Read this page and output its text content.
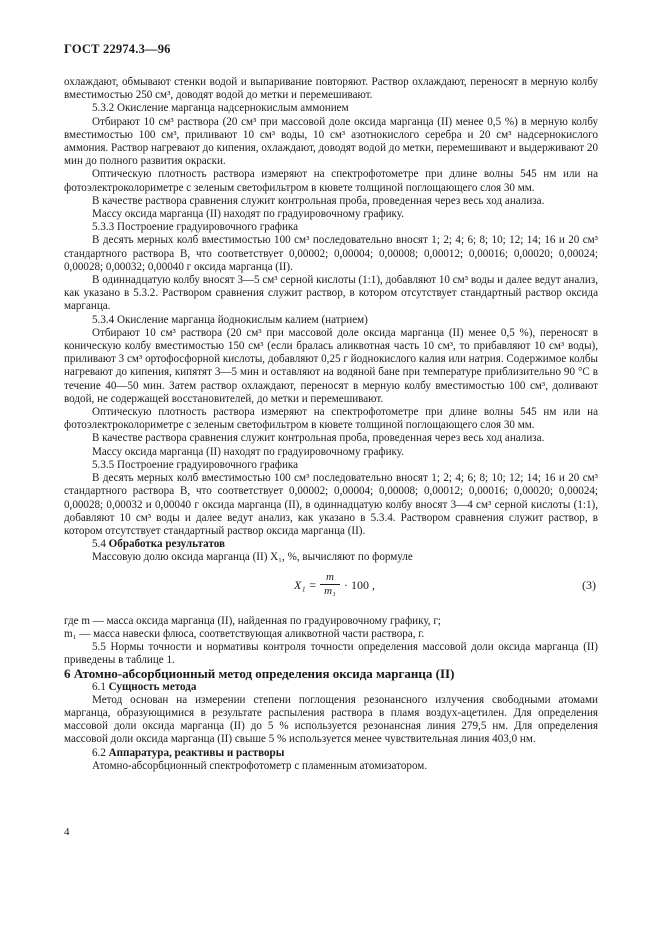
ГОСТ 22974.3—96

охлаждают, обмывают стенки водой и выпаривание повторяют. Раствор охлаждают, переносят в мерную колбу вместимостью 250 см³, доводят водой до метки и перемешивают.

5.3.2 Окисление марганца надсернокислым аммонием

Отбирают 10 см³ раствора (20 см³ при массовой доле оксида марганца (II) менее 0,5 %) в мерную колбу вместимостью 100 см³, приливают 10 см³ воды, 10 см³ азотнокислого серебра и 20 см³ надсернокислого аммония. Раствор нагревают до кипения, охлаждают, доводят водой до метки, перемешивают и выдерживают 20 мин до полного развития окраски.

Оптическую плотность раствора измеряют на спектрофотометре при длине волны 545 нм или на фотоэлектроколориметре с зеленым светофильтром в кювете толщиной поглощающего слоя 30 мм.

В качестве раствора сравнения служит контрольная проба, проведенная через весь ход анализа.

Массу оксида марганца (II) находят по градуировочному графику.

5.3.3 Построение градуировочного графика

В десять мерных колб вместимостью 100 см³ последовательно вносят 1; 2; 4; 6; 8; 10; 12; 14; 16 и 20 см³ стандартного раствора В, что соответствует 0,00002; 0,00004; 0,00008; 0,00012; 0,00016; 0,00020; 0,00024; 0,00028; 0,00032; 0,00040 г оксида марганца (II).

В одиннадцатую колбу вносят 3—5 см³ серной кислоты (1:1), добавляют 10 см³ воды и далее ведут анализ, как указано в 5.3.2. Раствором сравнения служит раствор, в котором отсутствует стандартный раствор оксида марганца.

5.3.4 Окисление марганца йоднокислым калием (натрием)

Отбирают 10 см³ раствора (20 см³ при массовой доле оксида марганца (II) менее 0,5 %), переносят в коническую колбу вместимостью 150 см³ (если бралась аликвотная часть 10 см³, то прибавляют 10 см³ воды), приливают 3 см³ ортофосфорной кислоты, добавляют 0,25 г йоднокислого калия или натрия. Содержимое колбы нагревают до кипения, кипятят 3—5 мин и оставляют на водяной бане при температуре приблизительно 90 °С в течение 40—50 мин. Затем раствор охлаждают, переносят в мерную колбу вместимостью 100 см³, доливают водой, не содержащей восстановителей, до метки и перемешивают.

Оптическую плотность раствора измеряют на спектрофотометре при длине волны 545 нм или на фотоэлектроколориметре с зеленым светофильтром в кювете толщиной поглощающего слоя 30 мм.

В качестве раствора сравнения служит контрольная проба, проведенная через весь ход анализа.

Массу оксида марганца (II) находят по градуировочному графику.

5.3.5 Построение градуировочного графика

В десять мерных колб вместимостью 100 см³ последовательно вносят 1; 2; 4; 6; 8; 10; 12; 14; 16 и 20 см³ стандартного раствора В, что соответствует 0,00002; 0,00004; 0,00008; 0,00012; 0,00016; 0,00020; 0,00024; 0,00028; 0,00032 и 0,00040 г оксида марганца (II), в одиннадцатую колбу вносят 3—4 см³ серной кислоты (1:1), добавляют 10 см³ воды и далее ведут анализ, как указано в 5.3.4. Раствором сравнения служит раствор, в котором отсутствует стандартный раствор оксида марганца (II).

5.4 Обработка результатов

Массовую долю оксида марганца (II) X₁, %, вычисляют по формуле

$X_1 = \frac{m}{\text{m₁}} \cdot 100$ ,	(3)

где m — масса оксида марганца (II), найденная по градуировочному графику, г;

m₁ — масса навески флюса, соответствующая аликвотной части раствора, г.

5.5 Нормы точности и нормативы контроля точности определения массовой доли оксида марганца (II) приведены в таблице 1.

6 Атомно-абсорбционный метод определения оксида марганца (II)

6.1 Сущность метода

Метод основан на измерении степени поглощения резонансного излучения свободными атомами марганца, образующимися в результате распыления раствора в пламя воздух-ацетилен. Для определения массовой доли оксида марганца (II) до 5 % используется резонансная линия 279,5 нм. Для определения массовой доли оксида марганца (II) свыше 5 % используется менее чувствительная линия 403,0 нм.

6.2 Аппаратура, реактивы и растворы

Атомно-абсорбционный спектрофотометр с пламенным атомизатором.

4
